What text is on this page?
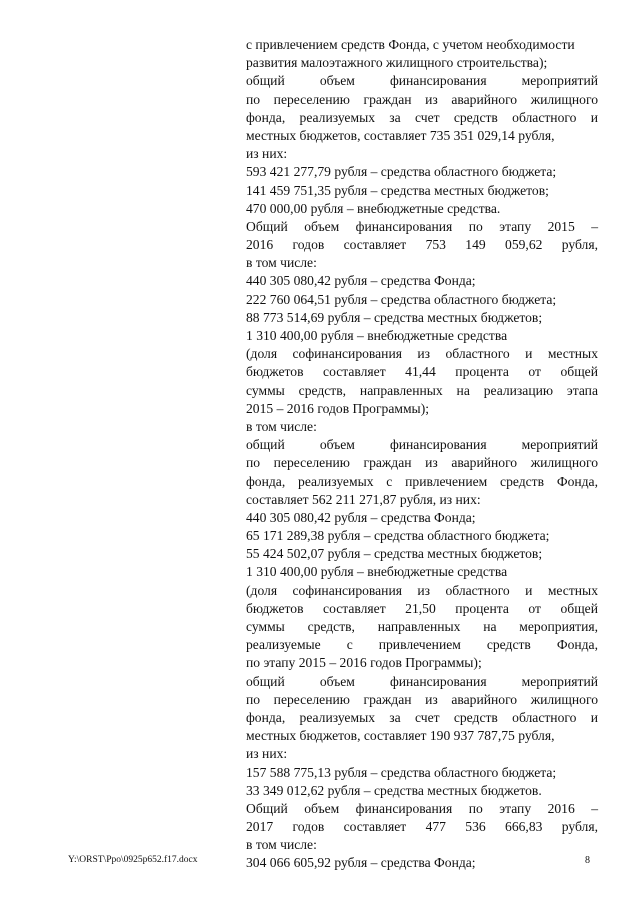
с привлечением средств Фонда, с учетом необходимости
развития малоэтажного жилищного строительства);
общий объем финансирования мероприятий
по переселению граждан из аварийного жилищного
фонда, реализуемых за счет средств областного и
местных бюджетов, составляет 735 351 029,14 рубля,
из них:
593 421 277,79 рубля – средства областного бюджета;
141 459 751,35 рубля – средства местных бюджетов;
470 000,00 рубля – внебюджетные средства.
Общий объем финансирования по этапу 2015 –
2016 годов составляет 753 149 059,62 рубля,
в том числе:
440 305 080,42 рубля – средства Фонда;
222 760 064,51 рубля – средства областного бюджета;
88 773 514,69 рубля – средства местных бюджетов;
1 310 400,00 рубля – внебюджетные средства
(доля софинансирования из областного и местных
бюджетов составляет 41,44 процента от общей
суммы средств, направленных на реализацию этапа
2015 – 2016 годов Программы);
в том числе:
общий объем финансирования мероприятий
по переселению граждан из аварийного жилищного
фонда, реализуемых с привлечением средств Фонда,
составляет 562 211 271,87 рубля, из них:
440 305 080,42 рубля – средства Фонда;
65 171 289,38 рубля – средства областного бюджета;
55 424 502,07 рубля – средства местных бюджетов;
1 310 400,00 рубля – внебюджетные средства
(доля софинансирования из областного и местных
бюджетов составляет 21,50 процента от общей
суммы средств, направленных на мероприятия,
реализуемые с привлечением средств Фонда,
по этапу 2015 – 2016 годов Программы);
общий объем финансирования мероприятий
по переселению граждан из аварийного жилищного
фонда, реализуемых за счет средств областного и
местных бюджетов, составляет 190 937 787,75 рубля,
из них:
157 588 775,13 рубля – средства областного бюджета;
33 349 012,62 рубля – средства местных бюджетов.
Общий объем финансирования по этапу 2016 –
2017 годов составляет 477 536 666,83 рубля,
в том числе:
304 066 605,92 рубля – средства Фонда;
Y:\ORST\Ppo\0925p652.f17.docx	8
